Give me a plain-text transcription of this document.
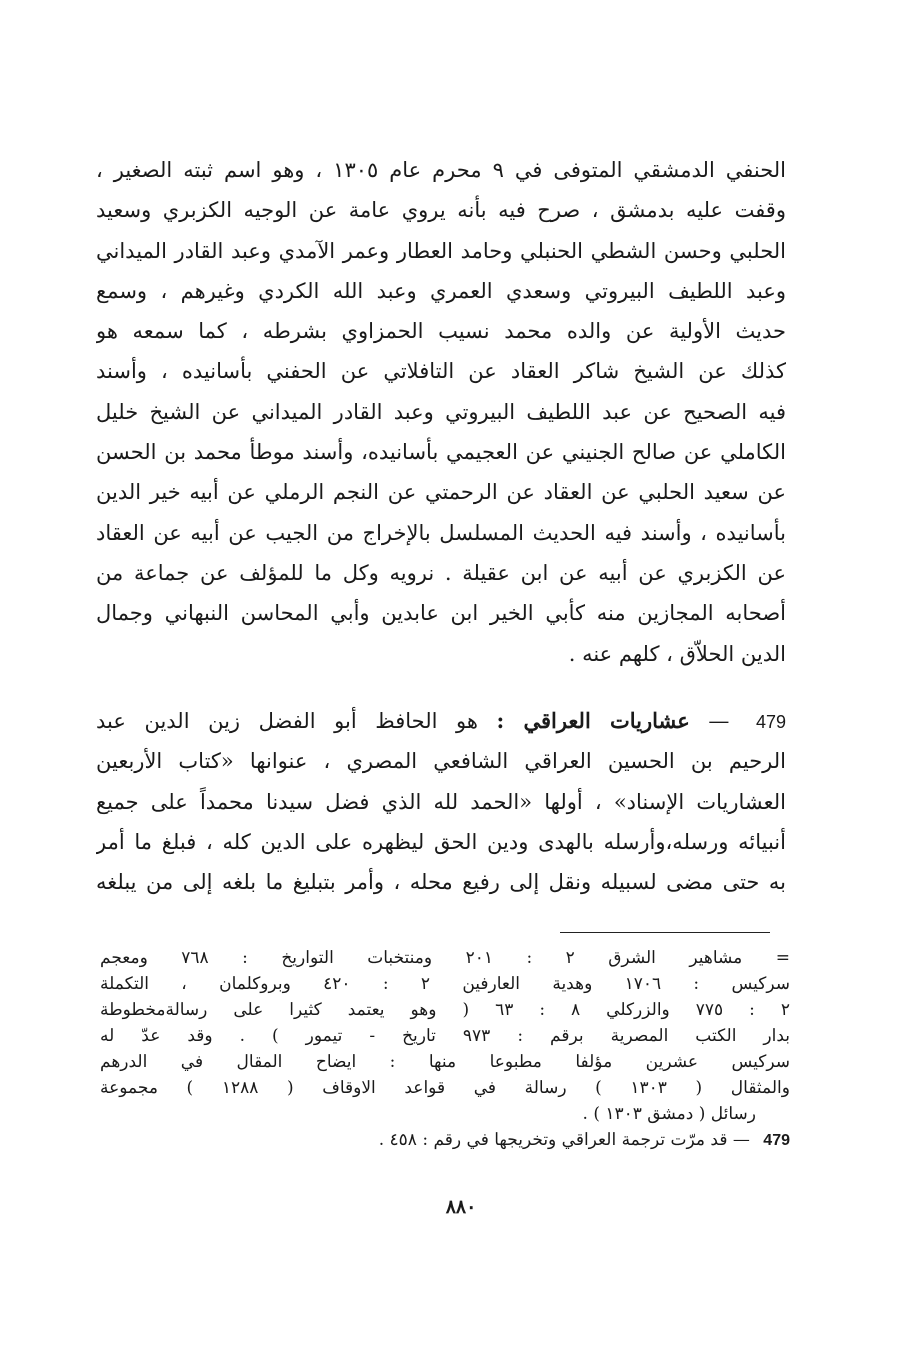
الحنفي الدمشقي المتوفى في ٩ محرم عام ١٣٠٥ ، وهو اسم ثبته الصغير ،
وقفت عليه بدمشق ، صرح فيه بأنه يروي عامة عن الوجيه الكزبري وسعيد
الحلبي وحسن الشطي الحنبلي وحامد العطار وعمر الآمدي وعبد القادر الميداني
وعبد اللطيف البيروتي وسعدي العمري وعبد الله الكردي وغيرهم ، وسمع
حديث الأولية عن والده محمد نسيب الحمزاوي بشرطه ، كما سمعه هو
كذلك عن الشيخ شاكر العقاد عن التافلاتي عن الحفني بأسانيده ، وأسند
فيه الصحيح عن عبد اللطيف البيروتي وعبد القادر الميداني عن الشيخ خليل
الكاملي عن صالح الجنيني عن العجيمي بأسانيده، وأسند موطأ محمد بن الحسن
عن سعيد الحلبي عن العقاد عن الرحمتي عن النجم الرملي عن أبيه خير الدين
بأسانيده ، وأسند فيه الحديث المسلسل بالإخراج من الجيب عن أبيه عن العقاد
عن الكزبري عن أبيه عن ابن عقيلة . نرويه وكل ما للمؤلف عن جماعة من
أصحابه المجازين منه كأبي الخير ابن عابدين وأبي المحاسن النبهاني وجمال
الدين الحلاّق ، كلهم عنه .
479 — عشاريات العراقي : هو الحافظ أبو الفضل زين الدين عبد
الرحيم بن الحسين العراقي الشافعي المصري ، عنوانها «كتاب الأربعين
العشاريات الإسناد» ، أولها «الحمد لله الذي فضل سيدنا محمداً على جميع
أنبيائه ورسله،وأرسله بالهدى ودين الحق ليظهره على الدين كله ، فبلغ ما أمر
به حتى مضى لسبيله ونقل إلى رفيع محله ، وأمر بتبليغ ما بلغه إلى من يبلغه
= مشاهير الشرق ٢ : ٢٠١ ومنتخبات التواريخ : ٧٦٨ ومعجم
سركيس : ١٧٠٦ وهدية العارفين ٢ : ٤٢٠ وبروكلمان ، التكملة
٢ : ٧٧٥ والزركلي ٨ : ٦٣ ( وهو يعتمد كثيرا على رسالةمخطوطة
بدار الكتب المصرية برقم : ٩٧٣ تاريخ - تيمور ) . وقد عدّ له
سركيس عشرين مؤلفا مطبوعا منها : ايضاح المقال في الدرهم
والمثقال ( ١٣٠٣ ) رسالة في قواعد الاوقاف ( ١٢٨٨ ) مجموعة
رسائل ( دمشق ١٣٠٣ ) .
479 — قد مرّت ترجمة العراقي وتخريجها في رقم : ٤٥٨ .
٨٨٠
